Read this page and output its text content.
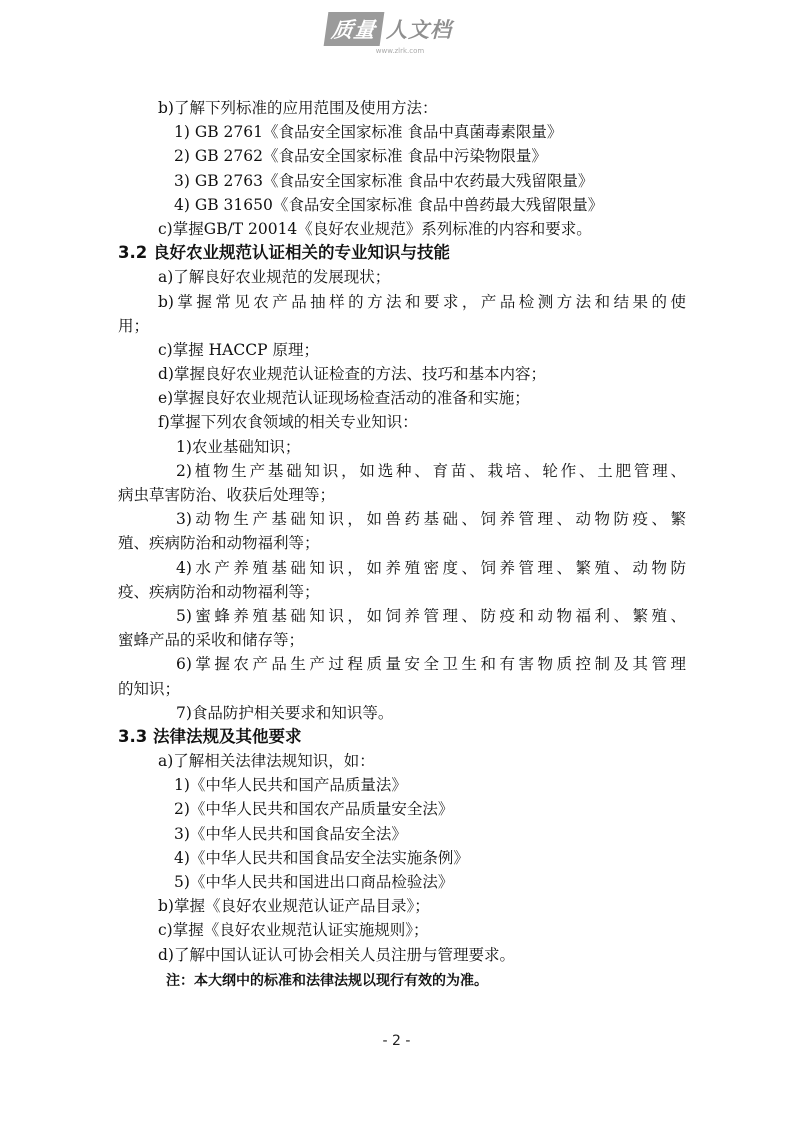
质量 人文档
www.zlrk.com
b)了解下列标准的应用范围及使用方法：
1) GB 2761《食品安全国家标准 食品中真菌毒素限量》
2) GB 2762《食品安全国家标准 食品中污染物限量》
3) GB 2763《食品安全国家标准 食品中农药最大残留限量》
4) GB 31650《食品安全国家标准 食品中兽药最大残留限量》
c)掌握GB/T 20014《良好农业规范》系列标准的内容和要求。
3.2 良好农业规范认证相关的专业知识与技能
a)了解良好农业规范的发展现状；
b)掌握常见农产品抽样的方法和要求，产品检测方法和结果的使
用；
c)掌握 HACCP 原理；
d)掌握良好农业规范认证检查的方法、技巧和基本内容；
e)掌握良好农业规范认证现场检查活动的准备和实施；
f)掌握下列农食领域的相关专业知识：
1)农业基础知识；
2)植物生产基础知识，如选种、育苗、栽培、轮作、土肥管理、
病虫草害防治、收获后处理等；
3)动物生产基础知识，如兽药基础、饲养管理、动物防疫、繁
殖、疾病防治和动物福利等；
4)水产养殖基础知识，如养殖密度、饲养管理、繁殖、动物防
疫、疾病防治和动物福利等；
5)蜜蜂养殖基础知识，如饲养管理、防疫和动物福利、繁殖、
蜜蜂产品的采收和储存等；
6)掌握农产品生产过程质量安全卫生和有害物质控制及其管理
的知识；
7)食品防护相关要求和知识等。
3.3 法律法规及其他要求
a)了解相关法律法规知识，如：
1)《中华人民共和国产品质量法》
2)《中华人民共和国农产品质量安全法》
3)《中华人民共和国食品安全法》
4)《中华人民共和国食品安全法实施条例》
5)《中华人民共和国进出口商品检验法》
b)掌握《良好农业规范认证产品目录》；
c)掌握《良好农业规范认证实施规则》；
d)了解中国认证认可协会相关人员注册与管理要求。
注：本大纲中的标准和法律法规以现行有效的为准。
- 2 -
